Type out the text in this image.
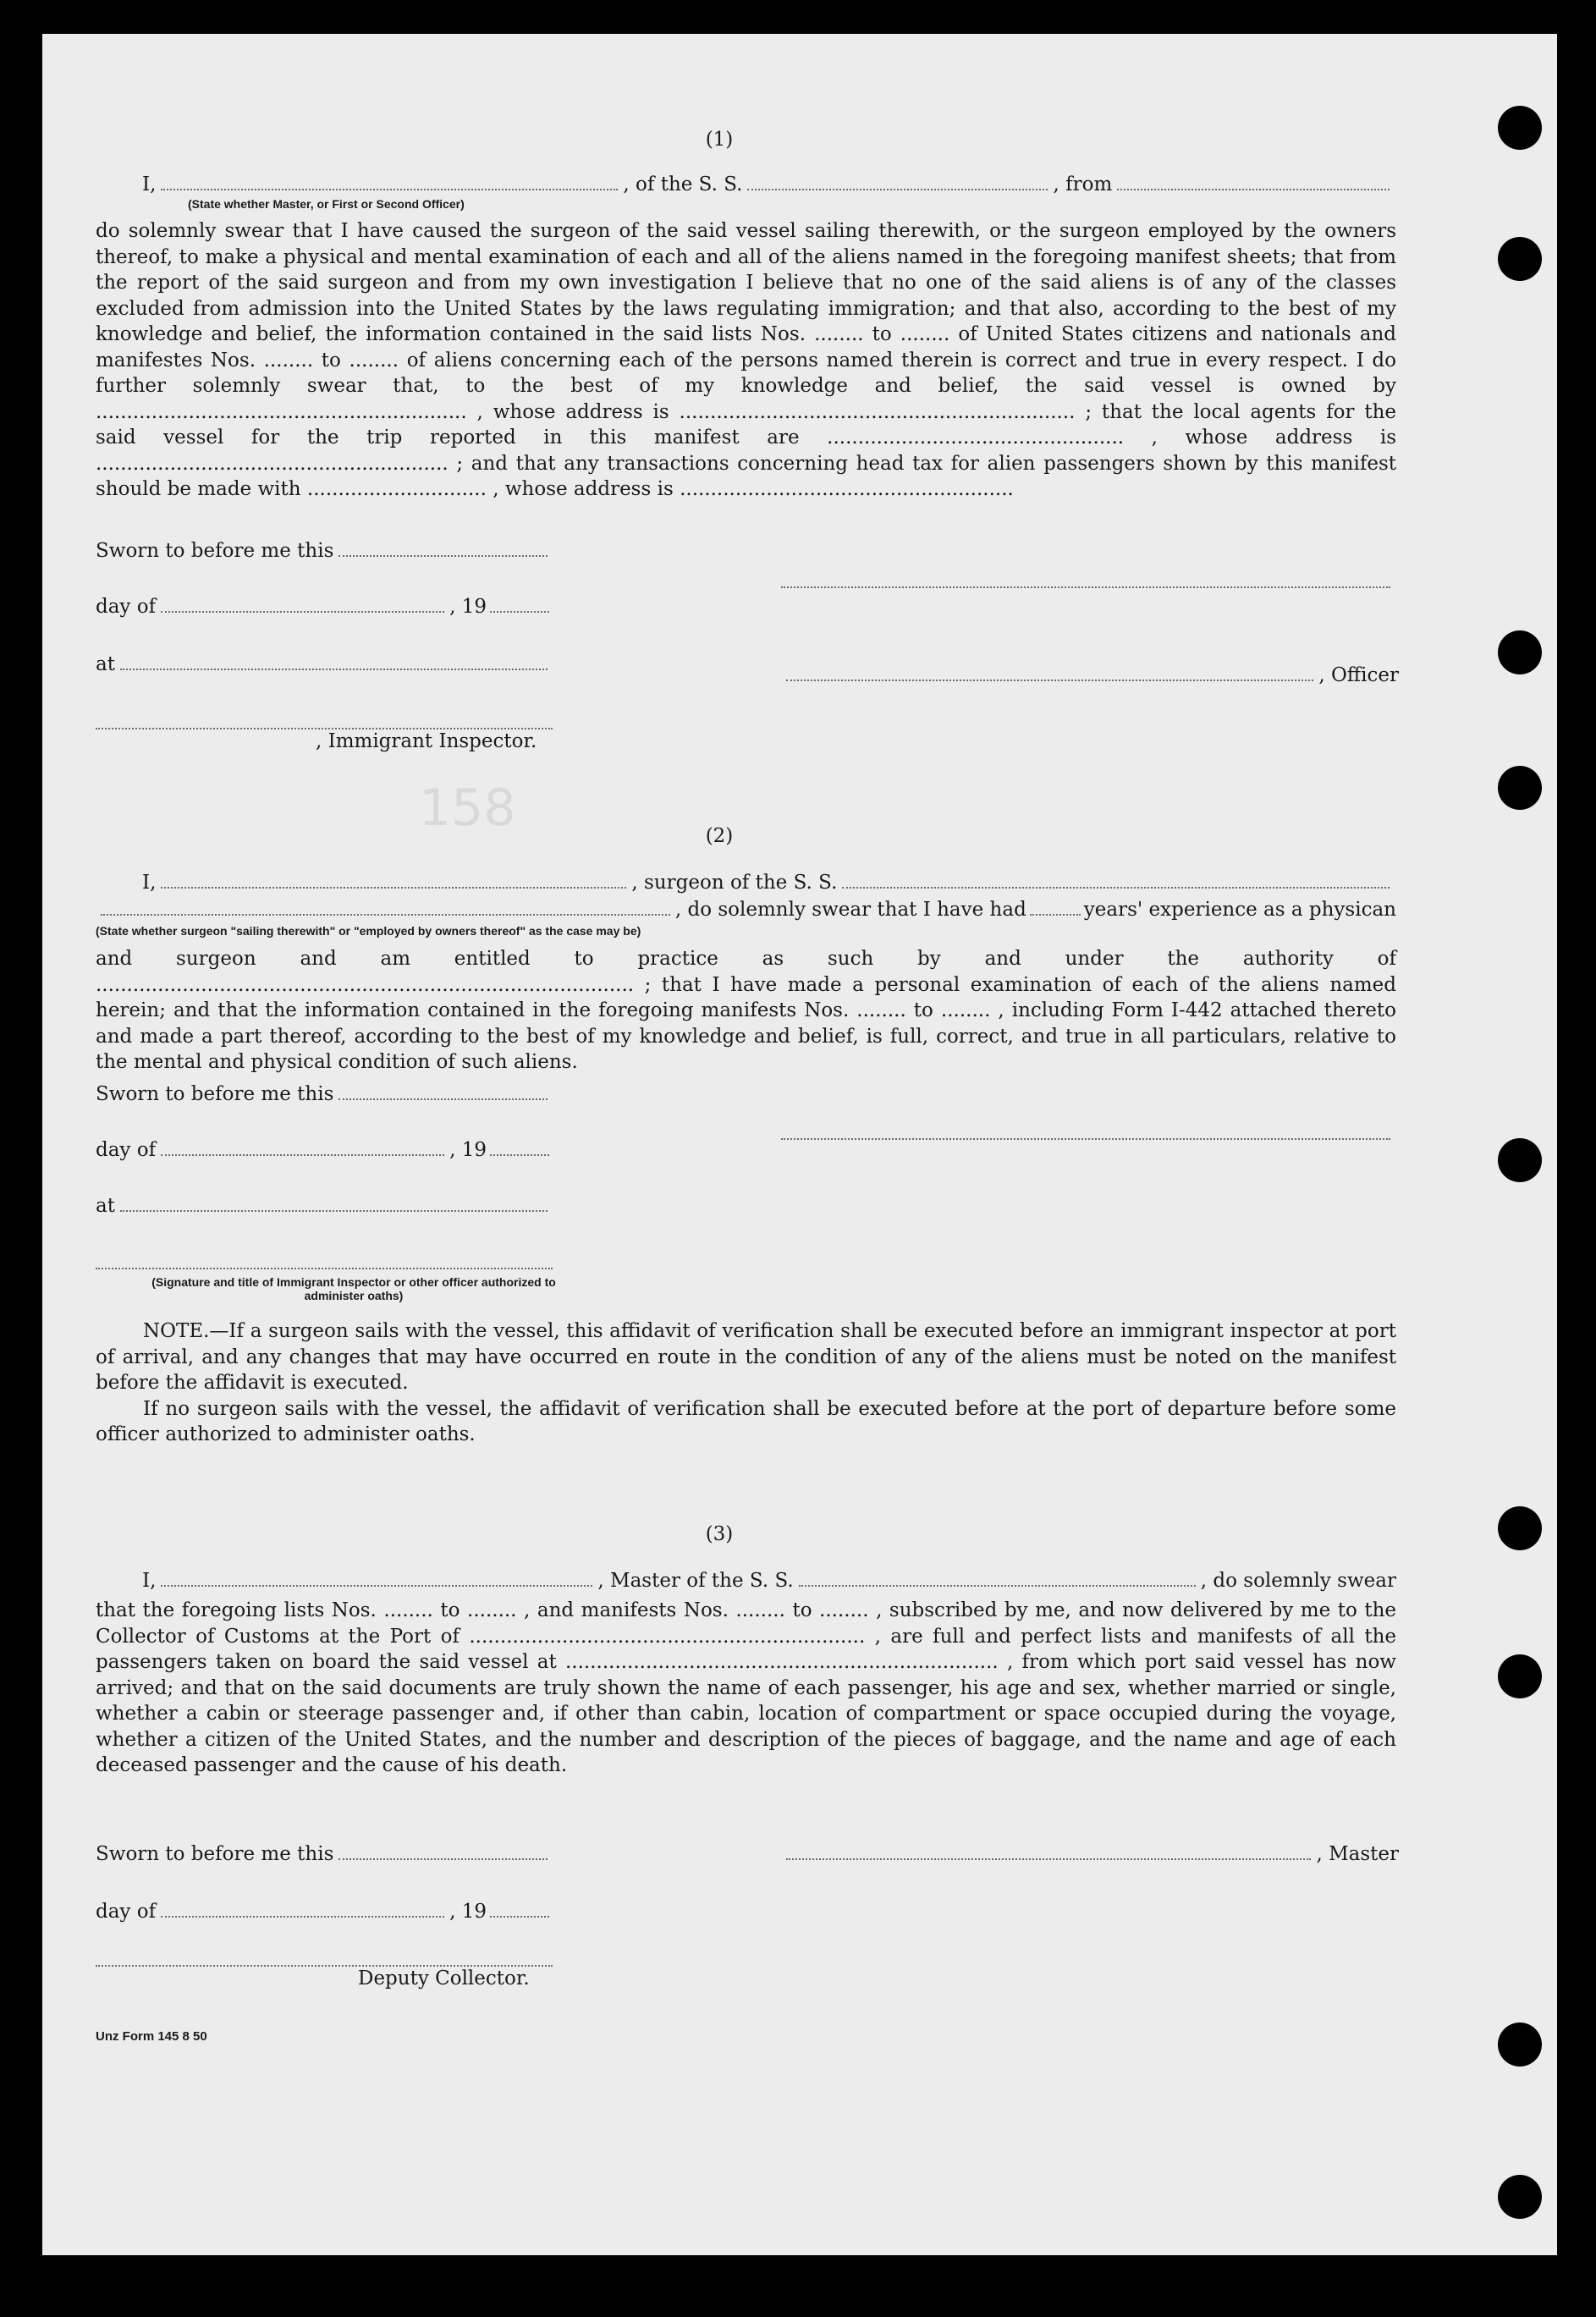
158
(1)
I,	, of the S. S.	, from
(State whether Master, or First or Second Officer)

do solemnly swear that I have caused the surgeon of the said vessel sailing therewith, or the surgeon employed by the owners thereof, to make a physical and mental examination of each and all of the aliens named in the foregoing manifest sheets; that from the report of the said surgeon and from my own investigation I believe that no one of the said aliens is of any of the classes excluded from admission into the United States by the laws regulating immigration; and that also, according to the best of my knowledge and belief, the information contained in the said lists Nos. ........ to ........ of United States citizens and nationals and manifestes Nos. ........ to ........ of aliens concerning each of the persons named therein is correct and true in every respect. I do further solemnly swear that, to the best of my knowledge and belief, the said vessel is owned by ............................................................ , whose address is ................................................................ ; that the local agents for the said vessel for the trip reported in this manifest are ................................................ , whose address is ......................................................... ; and that any transactions concerning head tax for alien passengers shown by this manifest should be made with ............................. , whose address is ......................................................

Sworn to before me this
day of	, 19
at	, Officer
, Immigrant Inspector.
(2)
I,	, surgeon of the S. S.
, do solemnly swear that I have had	years' experience as a physican
(State whether surgeon "sailing therewith" or "employed by owners thereof" as the case may be)

and surgeon and am entitled to practice as such by and under the authority of ....................................................................................... ; that I have made a personal examination of each of the aliens named herein; and that the information contained in the foregoing manifests Nos. ........ to ........ , including Form I-442 attached thereto and made a part thereof, according to the best of my knowledge and belief, is full, correct, and true in all particulars, relative to the mental and physical condition of such aliens.

Sworn to before me this
day of	, 19
at
(Signature and title of Immigrant Inspector or other officer authorized to administer oaths)

NOTE.—If a surgeon sails with the vessel, this affidavit of verification shall be executed before an immigrant inspector at port of arrival, and any changes that may have occurred en route in the condition of any of the aliens must be noted on the manifest before the affidavit is executed.

If no surgeon sails with the vessel, the affidavit of verification shall be executed before at the port of departure before some officer authorized to administer oaths.

(3)
I,	, Master of the S. S.	, do solemnly swear

that the foregoing lists Nos. ........ to ........ , and manifests Nos. ........ to ........ , subscribed by me, and now delivered by me to the Collector of Customs at the Port of ................................................................ , are full and perfect lists and manifests of all the passengers taken on board the said vessel at ...................................................................... , from which port said vessel has now arrived; and that on the said documents are truly shown the name of each passenger, his age and sex, whether married or single, whether a cabin or steerage passenger and, if other than cabin, location of compartment or space occupied during the voyage, whether a citizen of the United States, and the number and description of the pieces of baggage, and the name and age of each deceased passenger and the cause of his death.

Sworn to before me this	, Master
day of	, 19
Deputy Collector.
Unz Form 145 8 50
